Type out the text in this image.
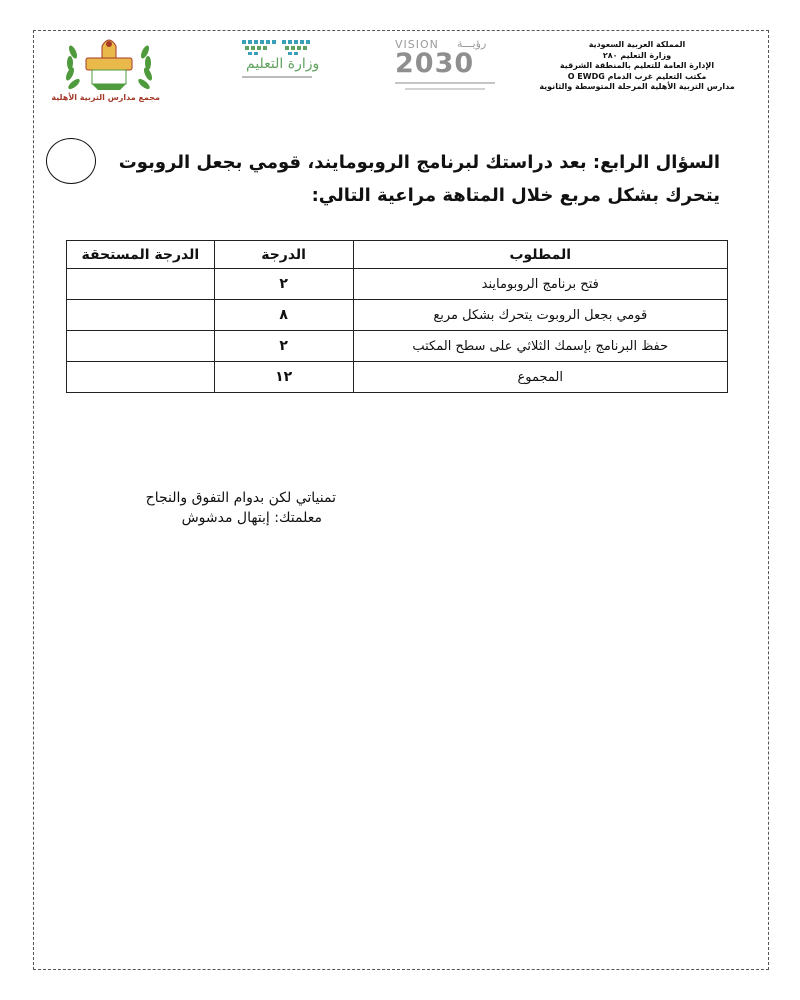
المملكة العربية السعودية
وزارة التعليم ٢٨٠
الإدارة العامة للتعليم بالمنطقة الشرقية
مكتب التعليم غرب الدمام O EWDG
مدارس التربية الأهلية المرحلة المتوسطة والثانوية
VISION رؤيـــة
2030
وزارة التعليم
مجمع مدارس التربية الأهلية
السؤال الرابع: بعد دراستك لبرنامج الروبومايند، قومي بجعل الروبوت يتحرك بشكل مربع خلال المتاهة مراعية التالي:
المطلوب	الدرجة	الدرجة المستحقة
فتح برنامج الروبومايند	٢	
قومي بجعل الروبوت يتحرك بشكل مربع	٨	
حفظ البرنامج بإسمك الثلاثي على سطح المكتب	٢	
المجموع	١٢	
تمنياتي لكن بدوام التفوق والنجاح
معلمتك: إبتهال مدشوش
